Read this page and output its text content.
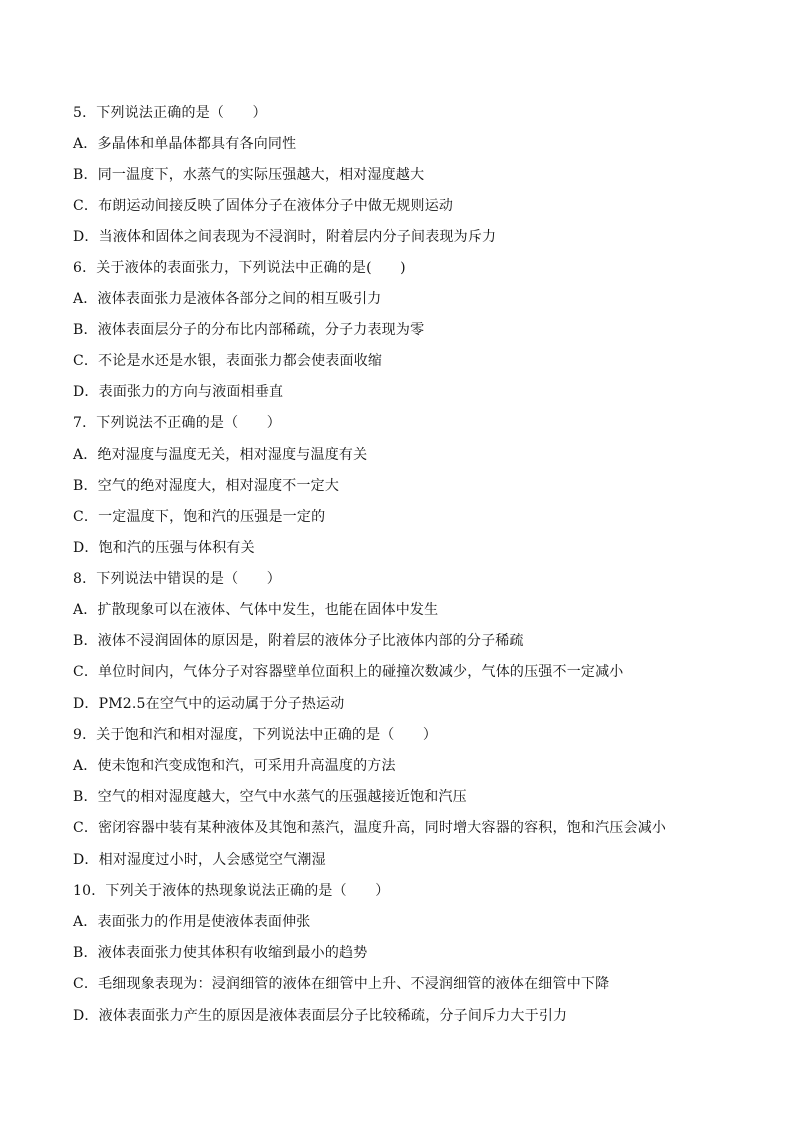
5．下列说法正确的是（　　）
A．多晶体和单晶体都具有各向同性
B．同一温度下，水蒸气的实际压强越大，相对湿度越大
C．布朗运动间接反映了固体分子在液体分子中做无规则运动
D．当液体和固体之间表现为不浸润时，附着层内分子间表现为斥力
6．关于液体的表面张力，下列说法中正确的是(　　)
A．液体表面张力是液体各部分之间的相互吸引力
B．液体表面层分子的分布比内部稀疏，分子力表现为零
C．不论是水还是水银，表面张力都会使表面收缩
D．表面张力的方向与液面相垂直
7．下列说法不正确的是（　　）
A．绝对湿度与温度无关，相对湿度与温度有关
B．空气的绝对湿度大，相对湿度不一定大
C．一定温度下，饱和汽的压强是一定的
D．饱和汽的压强与体积有关
8．下列说法中错误的是（　　）
A．扩散现象可以在液体、气体中发生，也能在固体中发生
B．液体不浸润固体的原因是，附着层的液体分子比液体内部的分子稀疏
C．单位时间内，气体分子对容器壁单位面积上的碰撞次数减少，气体的压强不一定减小
D．PM2.5在空气中的运动属于分子热运动
9．关于饱和汽和相对湿度，下列说法中正确的是（　　）
A．使未饱和汽变成饱和汽，可采用升高温度的方法
B．空气的相对湿度越大，空气中水蒸气的压强越接近饱和汽压
C．密闭容器中装有某种液体及其饱和蒸汽，温度升高，同时增大容器的容积，饱和汽压会减小
D．相对湿度过小时，人会感觉空气潮湿
10．下列关于液体的热现象说法正确的是（　　）
A．表面张力的作用是使液体表面伸张
B．液体表面张力使其体积有收缩到最小的趋势
C．毛细现象表现为：浸润细管的液体在细管中上升、不浸润细管的液体在细管中下降
D．液体表面张力产生的原因是液体表面层分子比较稀疏，分子间斥力大于引力
